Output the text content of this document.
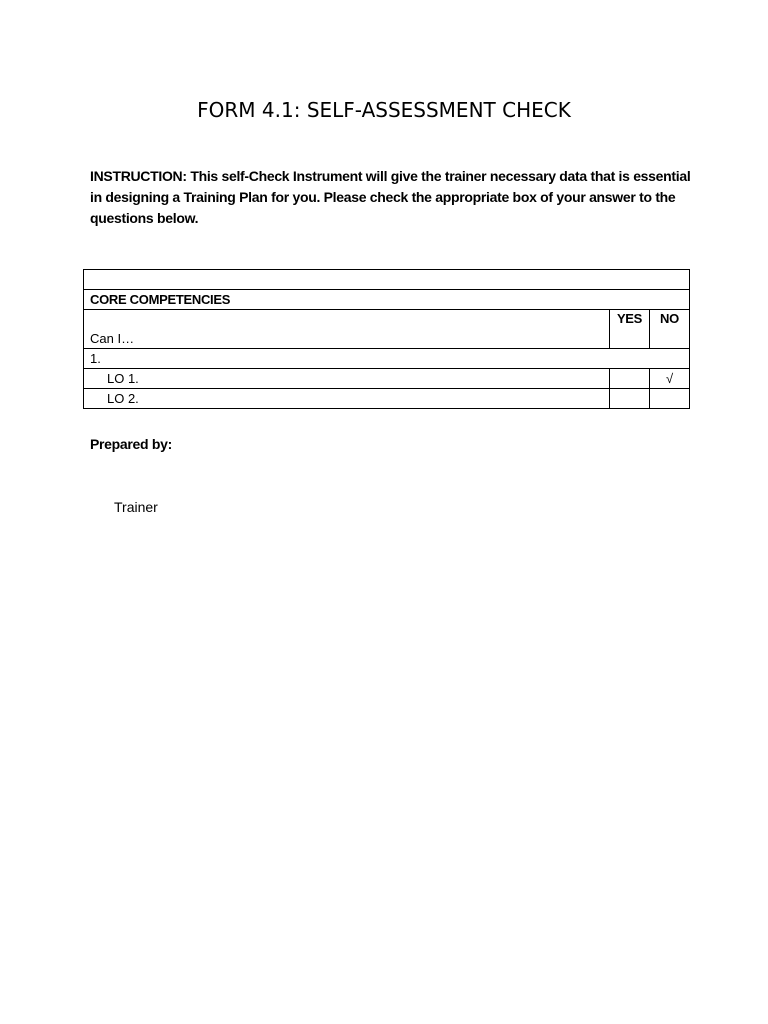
FORM 4.1: SELF-ASSESSMENT CHECK
INSTRUCTION: This self-Check Instrument will give the trainer necessary data that is essential
in designing a Training Plan for you. Please check the appropriate box of your answer to the
questions below.

CORE COMPETENCIES		
Can I…	YES	NO
1.		
LO 1.		√
LO 2.		
Prepared by:
Trainer
